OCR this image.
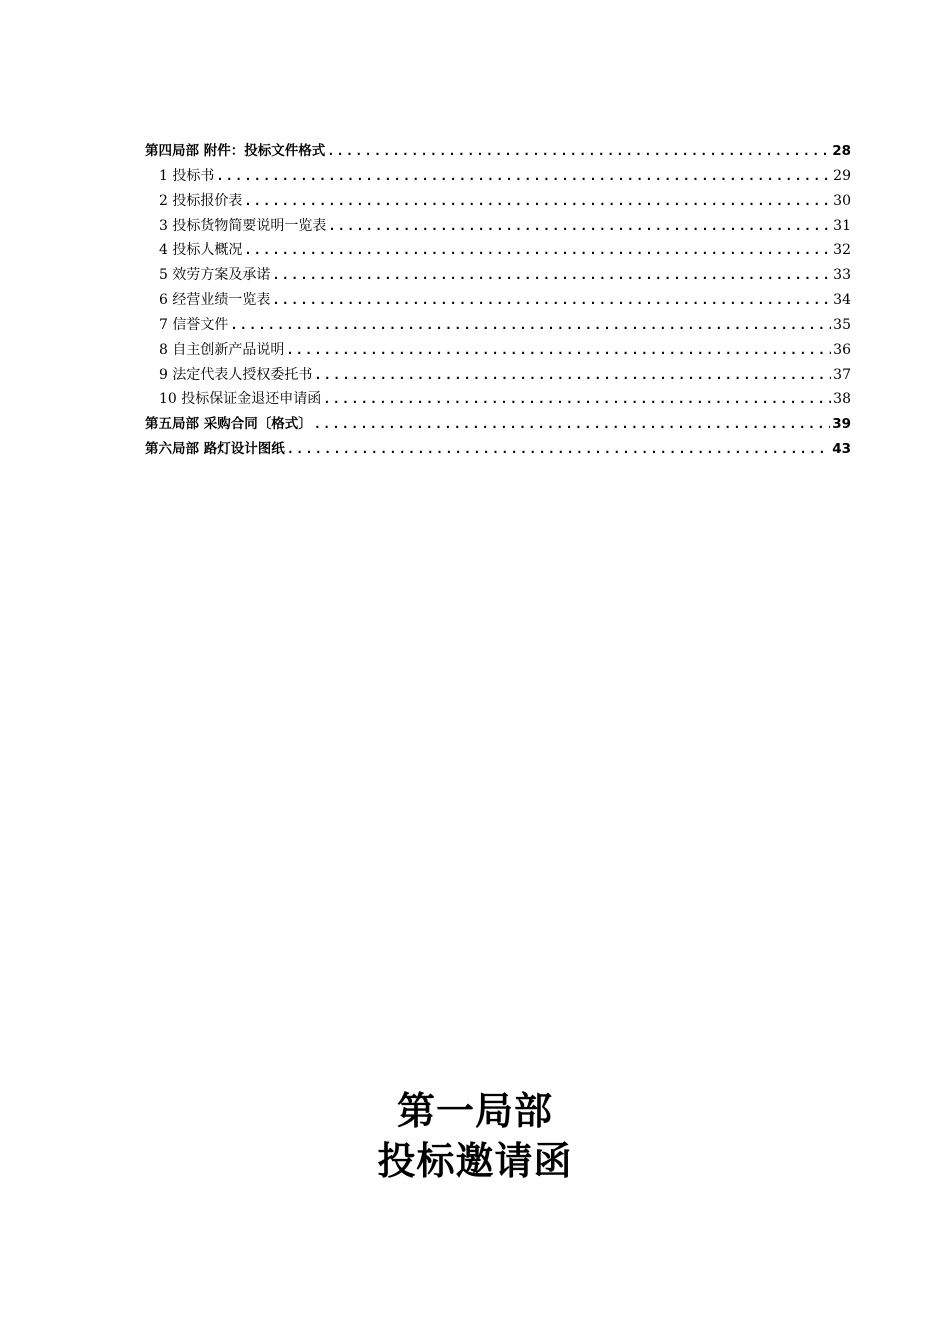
第四局部 附件：投标文件格式 .....	28
1 投标书 .....	29
2 投标报价表 .....	30
3 投标货物简要说明一览表 .....	31
4 投标人概况 .....	32
5 效劳方案及承诺 .....	33
6 经营业绩一览表 .....	34
7 信誉文件 .....	35
8 自主创新产品说明 .....	36
9 法定代表人授权委托书 .....	37
10 投标保证金退还申请函 .....	38
第五局部 采购合同〔格式〕 .....	39
第六局部 路灯设计图纸 .....	43
第一局部
投标邀请函
